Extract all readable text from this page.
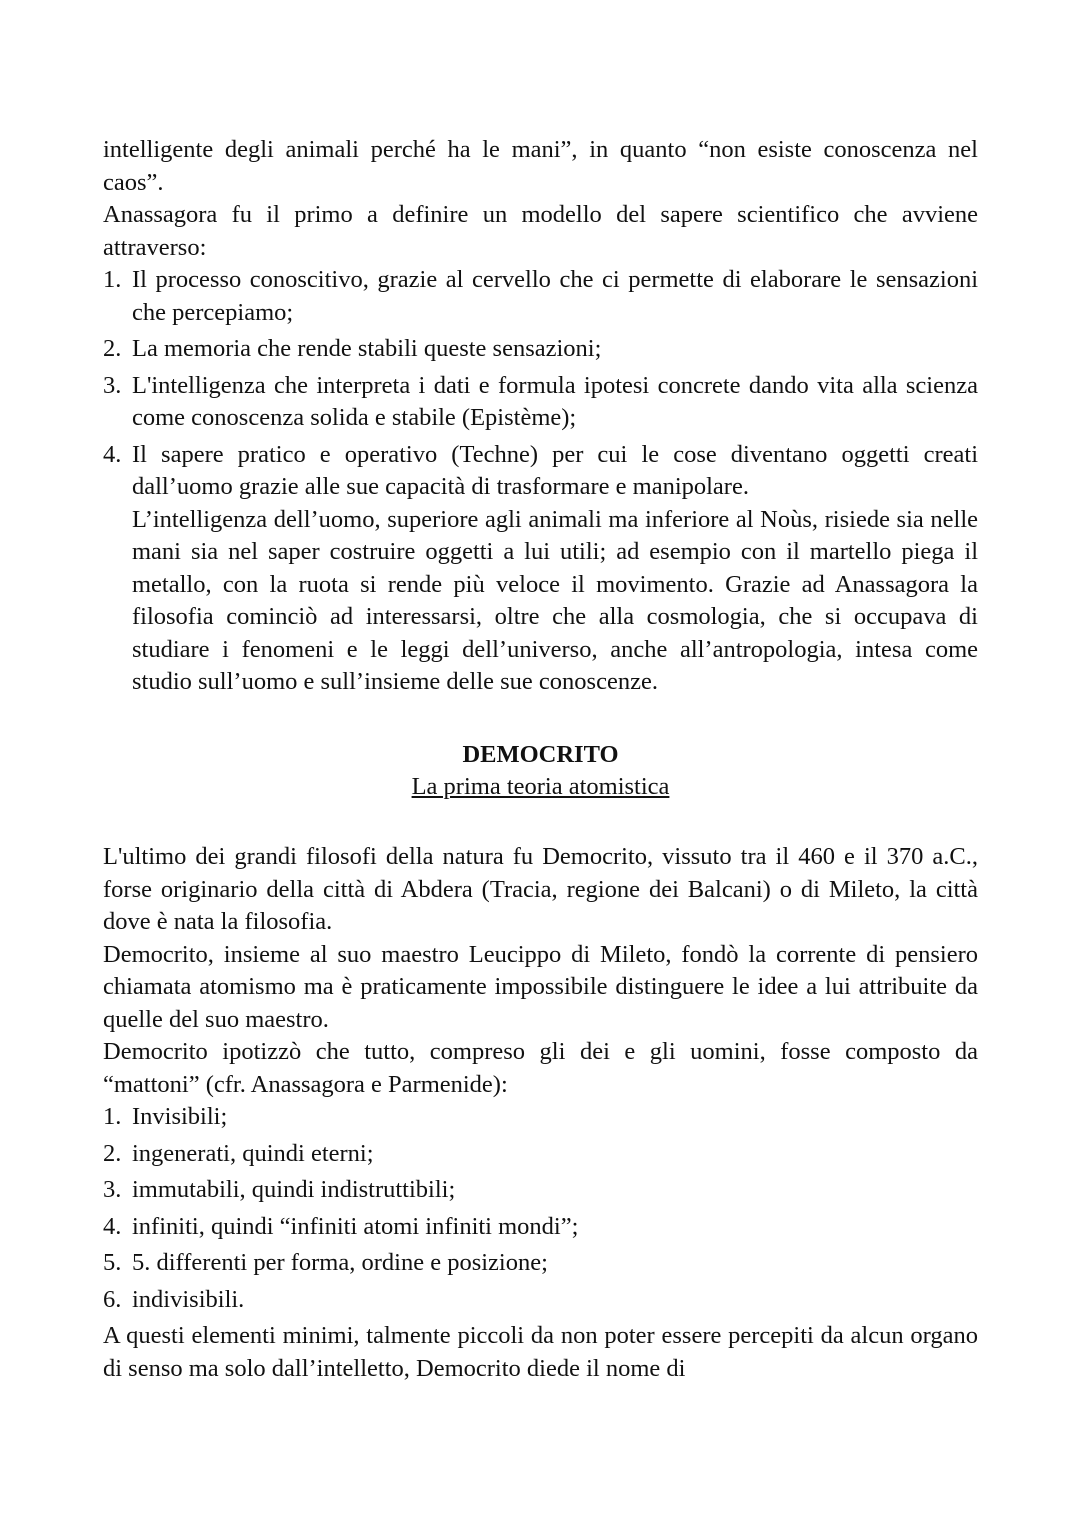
intelligente degli animali perché ha le mani”, in quanto “non esiste conoscenza nel caos”.

Anassagora fu il primo a definire un modello del sapere scientifico che avviene attraverso:

1. Il processo conoscitivo, grazie al cervello che ci permette di elaborare le sensazioni che percepiamo;
2. La memoria che rende stabili queste sensazioni;
3. L'intelligenza che interpreta i dati e formula ipotesi concrete dando vita alla scienza come conoscenza solida e stabile (Epistème);
4. Il sapere pratico e operativo (Techne) per cui le cose diventano oggetti creati dall’uomo grazie alle sue capacità di trasformare e manipolare.

L’intelligenza dell’uomo, superiore agli animali ma inferiore al Noùs, risiede sia nelle mani sia nel saper costruire oggetti a lui utili; ad esempio con il martello piega il metallo, con la ruota si rende più veloce il movimento. Grazie ad Anassagora la filosofia cominciò ad interessarsi, oltre che alla cosmologia, che si occupava di studiare i fenomeni e le leggi dell’universo, anche all’antropologia, intesa come studio sull’uomo e sull’insieme delle sue conoscenze.

DEMOCRITO
La prima teoria atomistica

L'ultimo dei grandi filosofi della natura fu Democrito, vissuto tra il 460 e il 370 a.C., forse originario della città di Abdera (Tracia, regione dei Balcani) o di Mileto, la città dove è nata la filosofia.

Democrito, insieme al suo maestro Leucippo di Mileto, fondò la corrente di pensiero chiamata atomismo ma è praticamente impossibile distinguere le idee a lui attribuite da quelle del suo maestro.

Democrito ipotizzò che tutto, compreso gli dei e gli uomini, fosse composto da “mattoni” (cfr. Anassagora e Parmenide):

1. Invisibili;
2. ingenerati, quindi eterni;
3. immutabili, quindi indistruttibili;
4. infiniti, quindi “infiniti atomi infiniti mondi”;
5. 5. differenti per forma, ordine e posizione;
6. indivisibili.

A questi elementi minimi, talmente piccoli da non poter essere percepiti da alcun organo di senso ma solo dall’intelletto, Democrito diede il nome di
